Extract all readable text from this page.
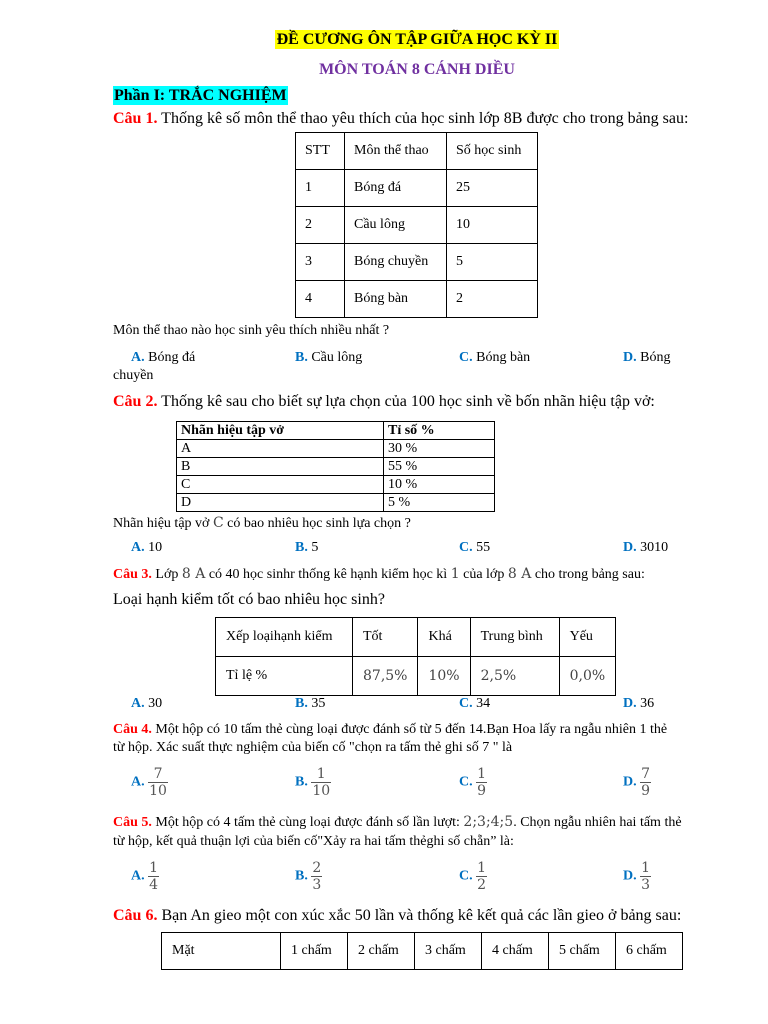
ĐỀ CƯƠNG ÔN TẬP GIỮA HỌC KỲ II
MÔN TOÁN 8 CÁNH DIỀU
Phần I: TRẮC NGHIỆM
Câu 1. Thống kê số môn thể thao yêu thích của học sinh lớp 8B được cho trong bảng sau:
STT	Môn thể thao	Số học sinh
1	Bóng đá	25
2	Cầu lông	10
3	Bóng chuyền	5
4	Bóng bàn	2
Môn thể thao nào học sinh yêu thích nhiều nhất ?
A. Bóng đá	B. Cầu lông	C. Bóng bàn	D. Bóng
chuyền
Câu 2. Thống kê sau cho biết sự lựa chọn của 100 học sinh về bốn nhãn hiệu tập vở:
Nhãn hiệu tập vở	Tỉ số %
A	30 %
B	55 %
C	10 %
D	5 %
Nhãn hiệu tập vở C có bao nhiêu học sinh lựa chọn ?
A. 10	B. 5	C. 55	D. 3010
Câu 3. Lớp 8 A có 40 học sinhr thống kê hạnh kiểm học kì 1 của lớp 8 A cho trong bảng sau:
Loại hạnh kiểm tốt có bao nhiêu học sinh?
Xếp loạihạnh kiểm	Tốt	Khá	Trung bình	Yếu
Tỉ lệ %	87,5%	10%	2,5%	0,0%
A. 30	B. 35	C. 34	D. 36
Câu 4. Một hộp có 10 tấm thẻ cùng loại được đánh số từ 5 đến 14.Bạn Hoa lấy ra ngẫu nhiên 1 thẻ
từ hộp. Xác suất thực nghiệm của biến cố "chọn ra tấm thẻ ghi số 7 " là
A. $\frac{7}{10}$	B. $\frac{1}{10}$	C. $\frac{1}{9}$	D. $\frac{7}{9}$
Câu 5. Một hộp có 4 tấm thẻ cùng loại được đánh số lần lượt: 2;3;4;5. Chọn ngẫu nhiên hai tấm thẻ
từ hộp, kết quả thuận lợi của biến cố"Xảy ra hai tấm thẻghi số chẵn” là:
A. $\frac{1}{4}$	B. $\frac{2}{3}$	C. $\frac{1}{2}$	D. $\frac{1}{3}$
Câu 6. Bạn An gieo một con xúc xắc 50 lần và thống kê kết quả các lần gieo ở bảng sau:
Mặt	1 chấm	2 chấm	3 chấm	4 chấm	5 chấm	6 chấm
